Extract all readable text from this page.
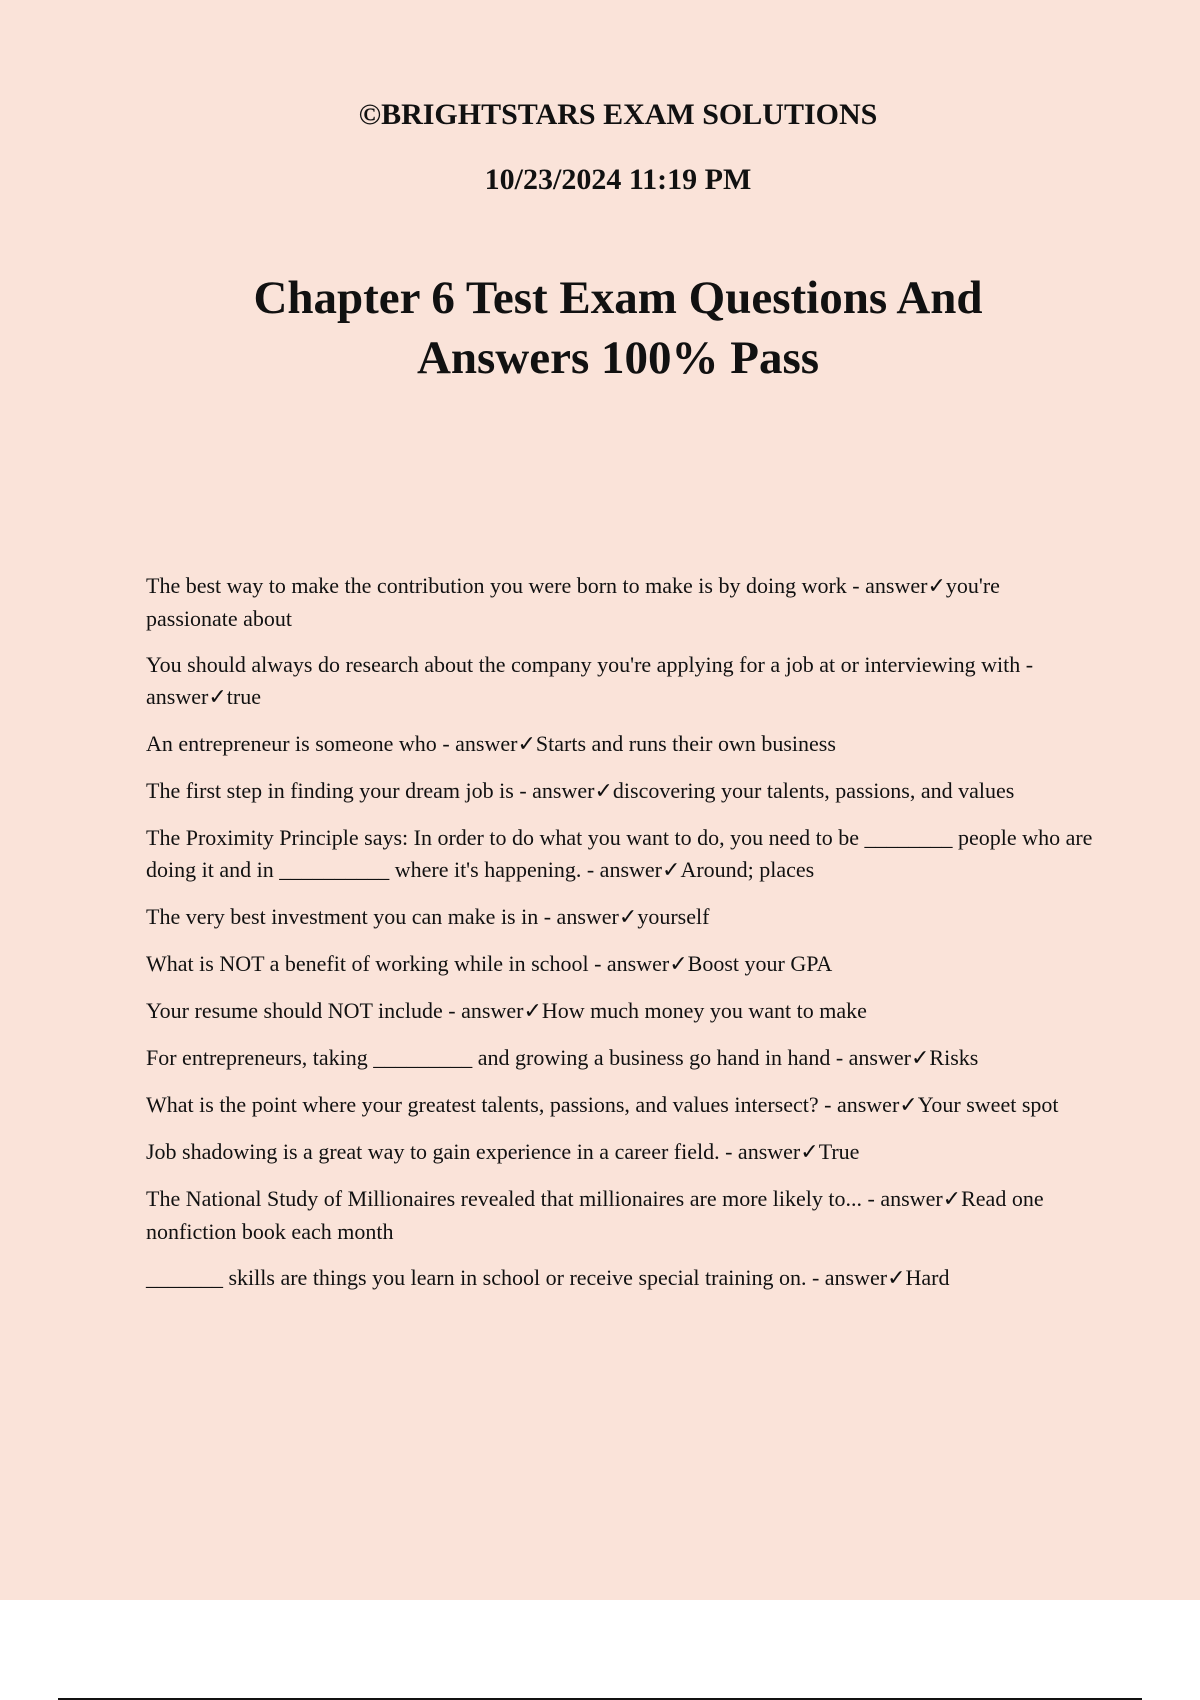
©BRIGHTSTARS EXAM SOLUTIONS

10/23/2024 11:19 PM

Chapter 6 Test Exam Questions And
Answers 100% Pass
The best way to make the contribution you were born to make is by doing work - answer✓you're passionate about
You should always do research about the company you're applying for a job at or interviewing with - answer✓true
An entrepreneur is someone who - answer✓Starts and runs their own business
The first step in finding your dream job is - answer✓discovering your talents, passions, and values
The Proximity Principle says: In order to do what you want to do, you need to be ________ people who are doing it and in __________ where it's happening. - answer✓Around; places
The very best investment you can make is in - answer✓yourself
What is NOT a benefit of working while in school - answer✓Boost your GPA
Your resume should NOT include - answer✓How much money you want to make
For entrepreneurs, taking _________ and growing a business go hand in hand - answer✓Risks
What is the point where your greatest talents, passions, and values intersect? - answer✓Your sweet spot
Job shadowing is a great way to gain experience in a career field. - answer✓True
The National Study of Millionaires revealed that millionaires are more likely to... - answer✓Read one nonfiction book each month
_______ skills are things you learn in school or receive special training on. - answer✓Hard
